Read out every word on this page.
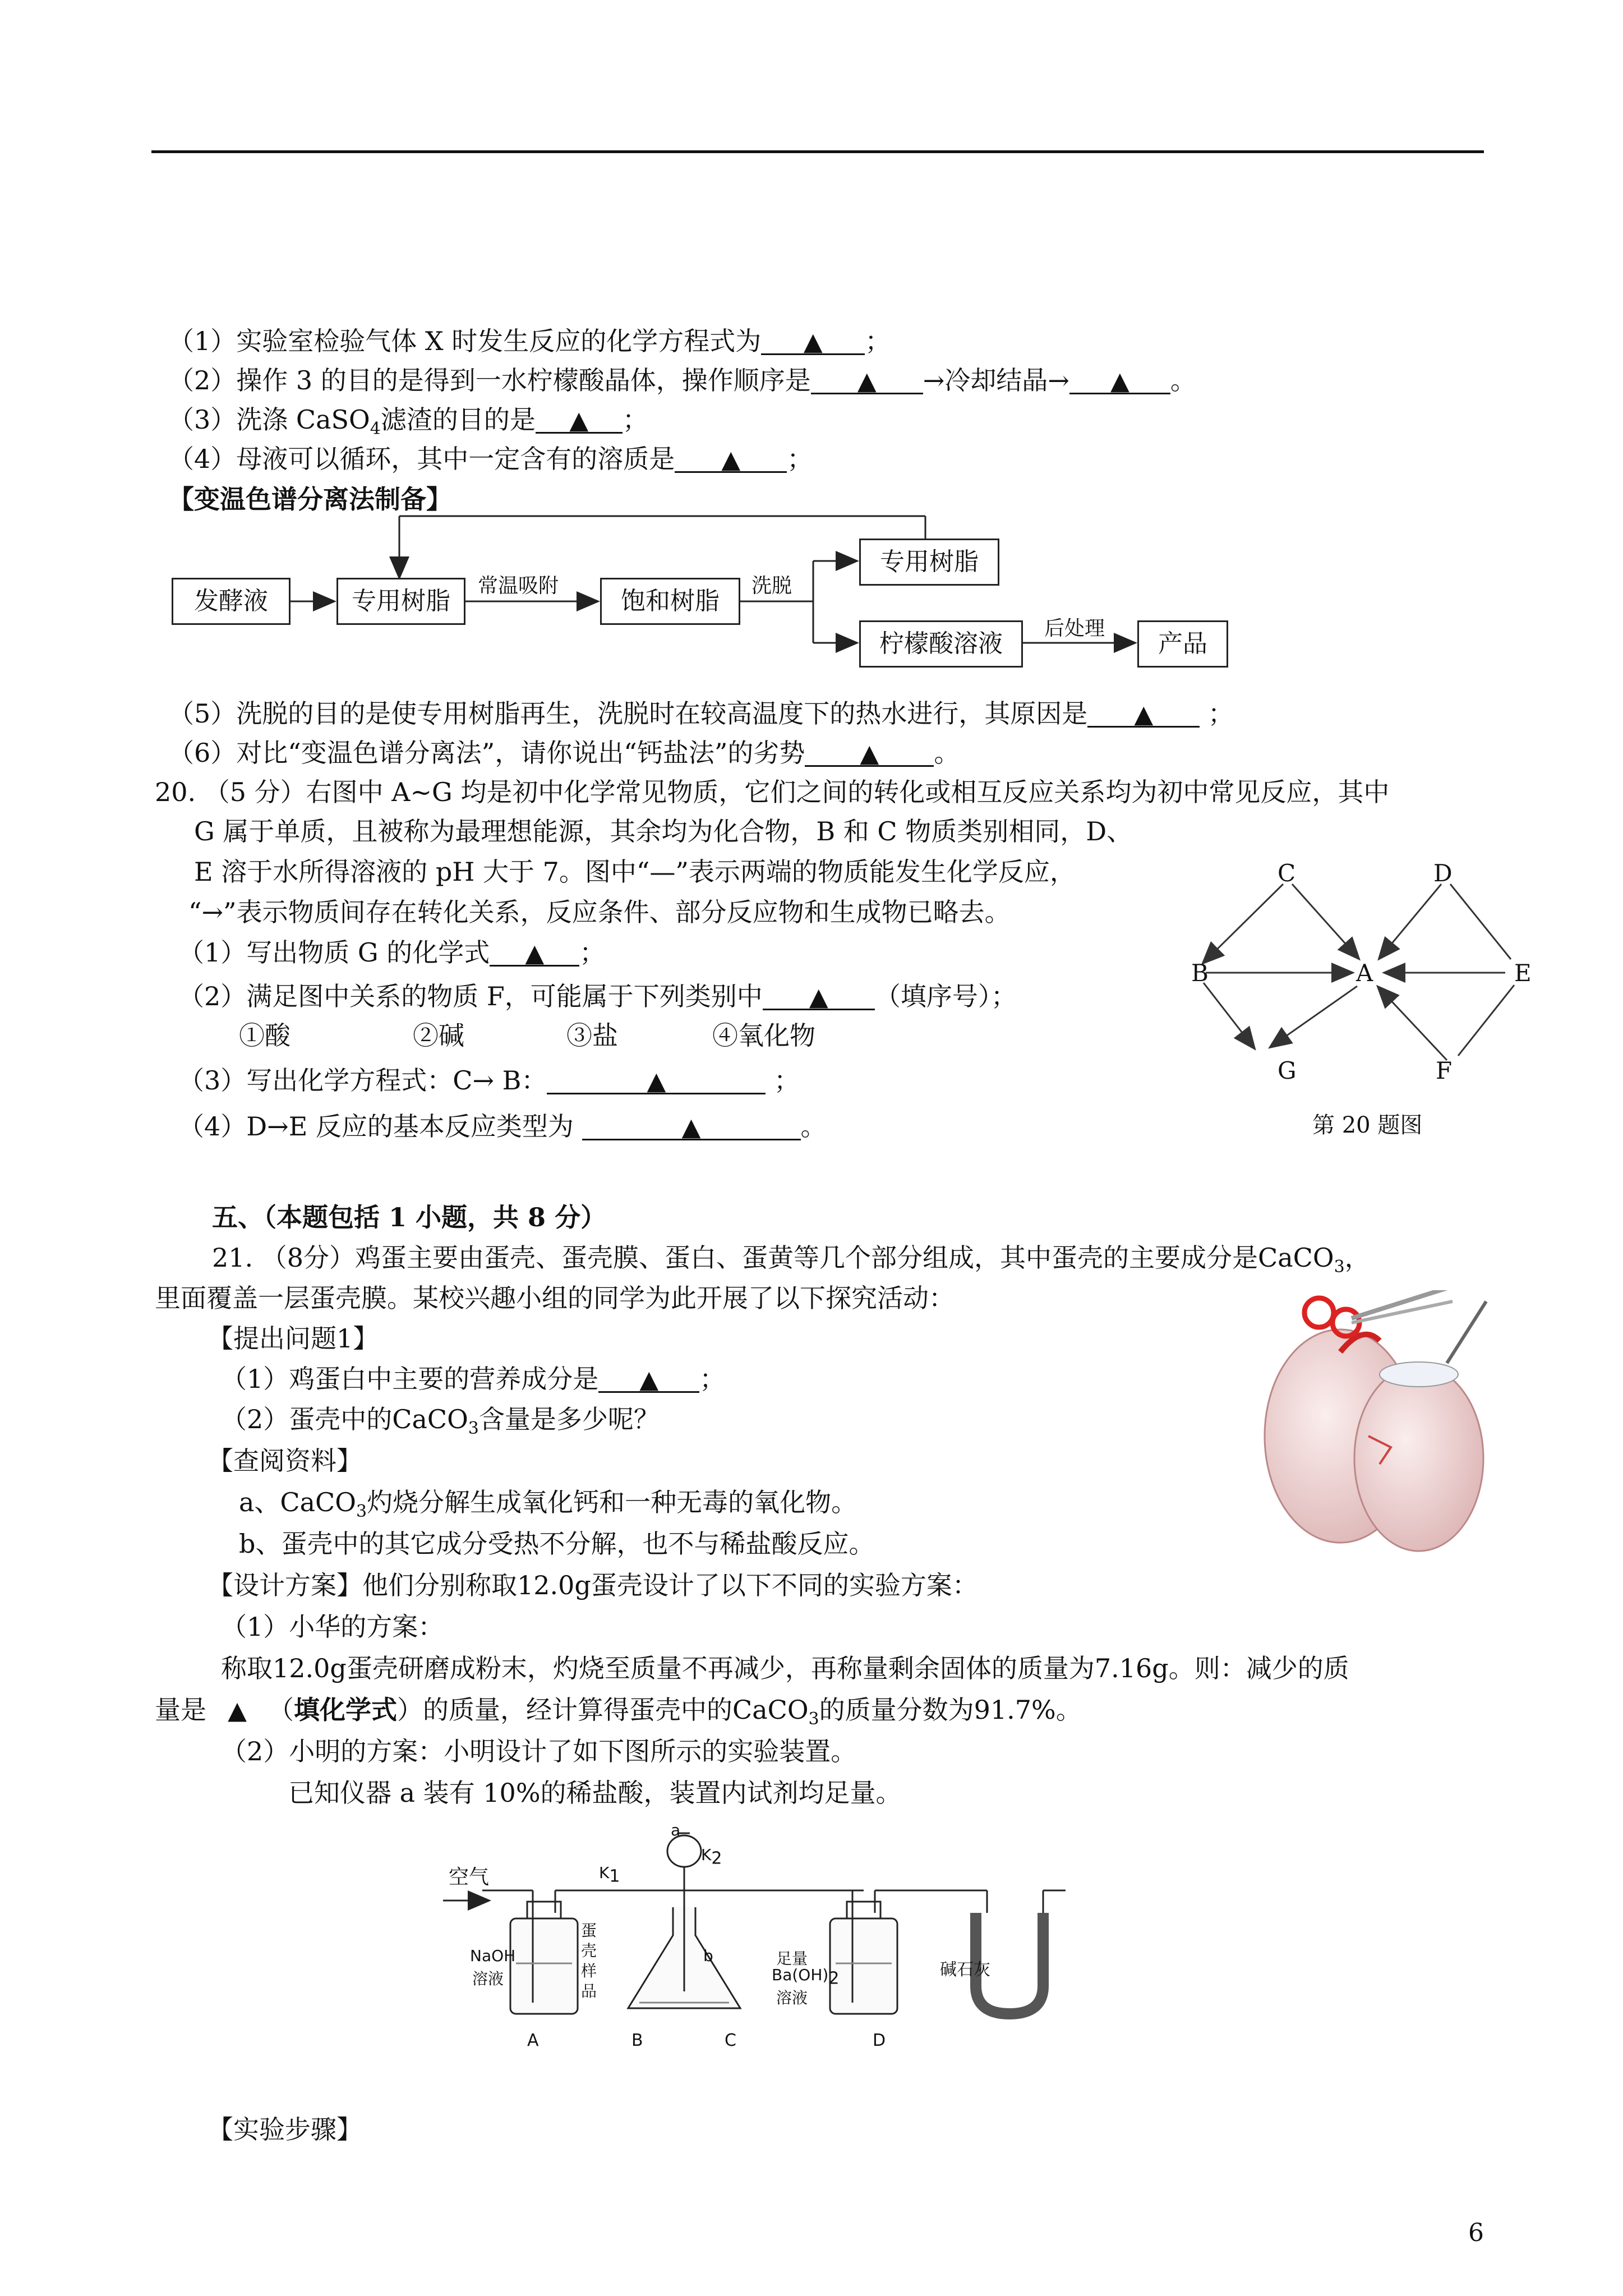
（1）实验室检验气体 X 时发生反应的化学方程式为 ▲ ；
（2）操作 3 的目的是得到一水柠檬酸晶体，操作顺序是 ▲ →冷却结晶→ ▲ 。
（3）洗涤 CaSO$_4$滤渣的目的是 ▲ ；
（4）母液可以循环，其中一定含有的溶质是 ▲ ；
【变温色谱分离法制备】
发酵液	专用树脂	饱和树脂
专用树脂
柠檬酸溶液	产品
常温吸附	洗脱
后处理
（5）洗脱的目的是使专用树脂再生，洗脱时在较高温度下的热水进行，其原因是 ▲ ；
（6）对比“变温色谱分离法”，请你说出“钙盐法”的劣势 ▲ 。
20. （5 分）右图中 A~G 均是初中化学常见物质，它们之间的转化或相互反应关系均为初中常见反应，其中
G 属于单质，且被称为最理想能源，其余均为化合物，B 和 C 物质类别相同，D、
E 溶于水所得溶液的 pH 大于 7。图中“—”表示两端的物质能发生化学反应，
“→”表示物质间存在转化关系，反应条件、部分反应物和生成物已略去。
（1）写出物质 G 的化学式 ▲ ；
（2）满足图中关系的物质 F，可能属于下列类别中 ▲ （填序号）；
①酸	②碱	③盐	④氧化物
（3）写出化学方程式：C→ B：	▲	；
（4）D→E 反应的基本反应类型为	▲	。
C	D
B	A	E
G	F
第 20 题图
五、（本题包括 1 小题，共 8 分）
21. （8分）鸡蛋主要由蛋壳、蛋壳膜、蛋白、蛋黄等几个部分组成，其中蛋壳的主要成分是CaCO$_3$，
里面覆盖一层蛋壳膜。某校兴趣小组的同学为此开展了以下探究活动：
【提出问题1】
（1）鸡蛋白中主要的营养成分是 ▲ ；
（2）蛋壳中的CaCO$_3$含量是多少呢？
【查阅资料】
a、CaCO$_3$灼烧分解生成氧化钙和一种无毒的氧化物。
b、蛋壳中的其它成分受热不分解，也不与稀盐酸反应。
【设计方案】他们分别称取12.0g蛋壳设计了以下不同的实验方案：
（1）小华的方案：
称取12.0g蛋壳研磨成粉末，灼烧至质量不再减少，再称量剩余固体的质量为7.16g。则：减少的质
量是 ▲ （填化学式）的质量，经计算得蛋壳中的CaCO$_3$的质量分数为91.7%。
（2）小明的方案：小明设计了如下图所示的实验装置。
已知仪器 a 装有 10%的稀盐酸，装置内试剂均足量。
空气
a
$K_1$
$K_2$
NaOH
溶液
蛋
壳
样
品
b	足量
$Ba(OH)_2$
溶液
碱石灰
A	B	C	D
【实验步骤】
6
